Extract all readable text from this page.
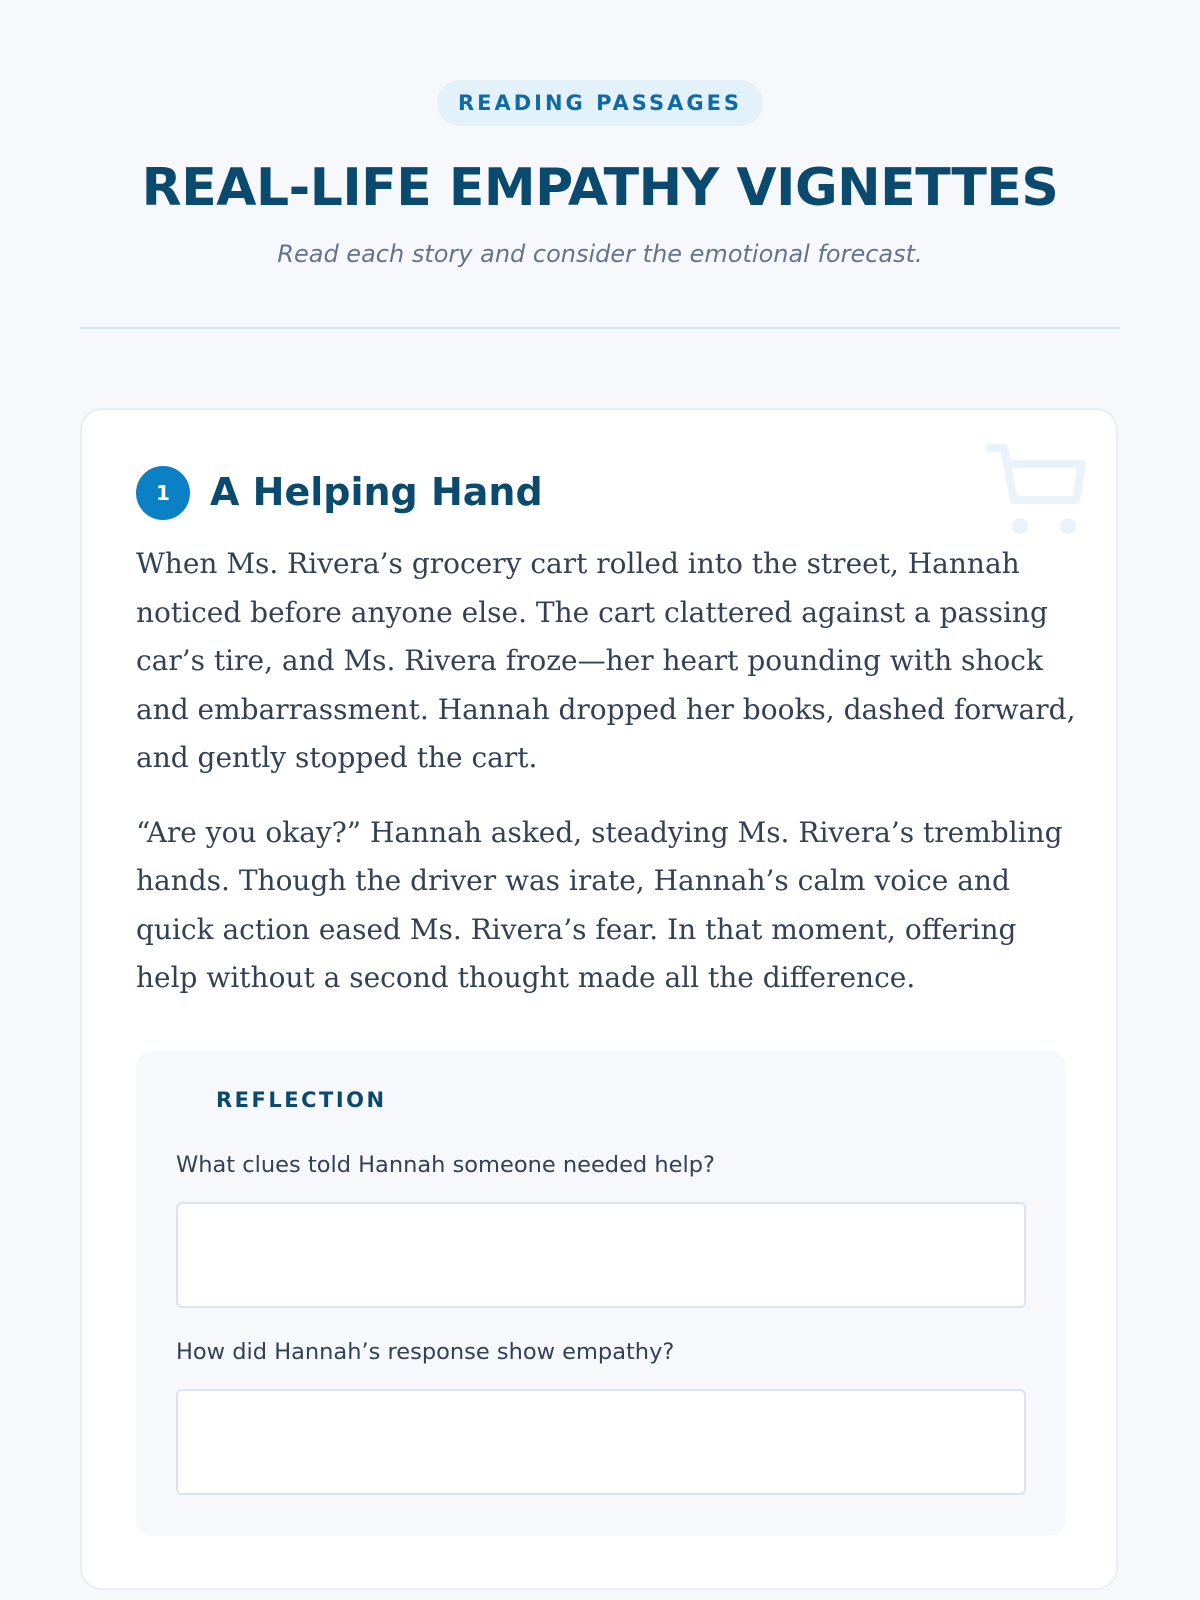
READING PASSAGES
REAL-LIFE EMPATHY VIGNETTES
Read each story and consider the emotional forecast.
1	A Helping Hand

When Ms. Rivera’s grocery cart rolled into the street, Hannah noticed before anyone else. The cart clattered against a passing car’s tire, and Ms. Rivera froze—her heart pounding with shock and embarrassment. Hannah dropped her books, dashed forward, and gently stopped the cart.

“Are you okay?” Hannah asked, steadying Ms. Rivera’s trembling hands. Though the driver was irate, Hannah’s calm voice and quick action eased Ms. Rivera’s fear. In that moment, offering help without a second thought made all the difference.

REFLECTION
What clues told Hannah someone needed help?
How did Hannah’s response show empathy?
